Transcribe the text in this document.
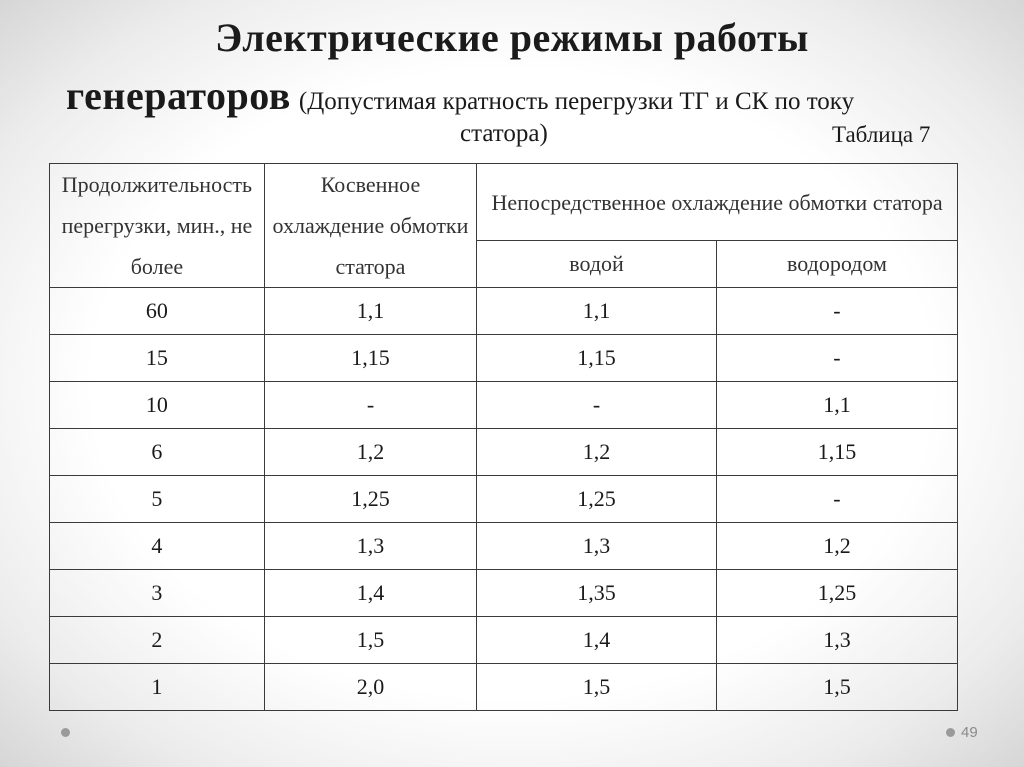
Электрические режимы работы
генераторов (Допустимая кратность перегрузки ТГ и СК по току
статора)	Таблица 7
Продолжительность перегрузки, мин., не более	Косвенное охлаждение обмотки статора	Непосредственное охлаждение обмотки статора	
		водой	водородом
60	1,1	1,1	-
15	1,15	1,15	-
10	-	-	1,1
6	1,2	1,2	1,15
5	1,25	1,25	-
4	1,3	1,3	1,2
3	1,4	1,35	1,25
2	1,5	1,4	1,3
1	2,0	1,5	1,5
49
